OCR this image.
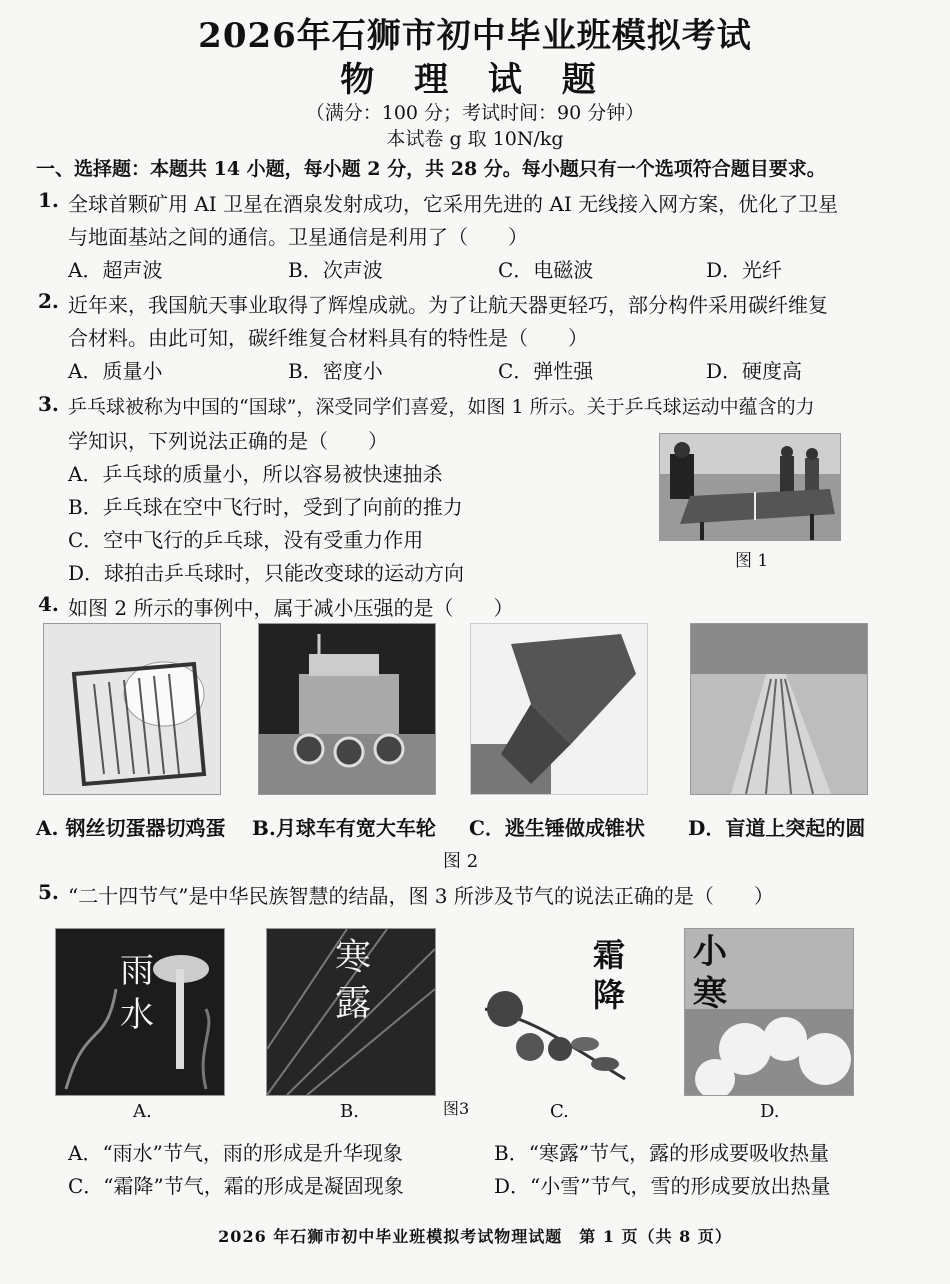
2026年石狮市初中毕业班模拟考试
物 理 试 题
（满分：100 分；考试时间：90 分钟）
本试卷 g 取 10N/kg
一、选择题：本题共 14 小题，每小题 2 分，共 28 分。每小题只有一个选项符合题目要求。
1. 全球首颗矿用 AI 卫星在酒泉发射成功，它采用先进的 AI 无线接入网方案，优化了卫星
与地面基站之间的通信。卫星通信是利用了（　　）
A．超声波	B．次声波	C．电磁波	D．光纤
2. 近年来，我国航天事业取得了辉煌成就。为了让航天器更轻巧，部分构件采用碳纤维复
合材料。由此可知，碳纤维复合材料具有的特性是（　　）
A．质量小	B．密度小	C．弹性强	D．硬度高
3. 乒乓球被称为中国的“国球”，深受同学们喜爱，如图 1 所示。关于乒乓球运动中蕴含的力
学知识，下列说法正确的是（　　）
A．乒乓球的质量小，所以容易被快速抽杀
B．乒乓球在空中飞行时，受到了向前的推力
C．空中飞行的乒乓球，没有受重力作用
D．球拍击乒乓球时，只能改变球的运动方向	图 1
4. 如图 2 所示的事例中，属于减小压强的是（　　）
A. 钢丝切蛋器切鸡蛋 B.月球车有宽大车轮 C．逃生锤做成锥状 D．盲道上突起的圆
图 2
5. “二十四节气”是中华民族智慧的结晶，图 3 所涉及节气的说法正确的是（　　）
雨水
寒露
霜降
小寒
A.	B.	图3	C.	D.
A．“雨水”节气，雨的形成是升华现象	B．“寒露”节气，露的形成要吸收热量
C．“霜降”节气，霜的形成是凝固现象	D．“小雪”节气，雪的形成要放出热量
2026 年石狮市初中毕业班模拟考试物理试题　第 1 页（共 8 页）
